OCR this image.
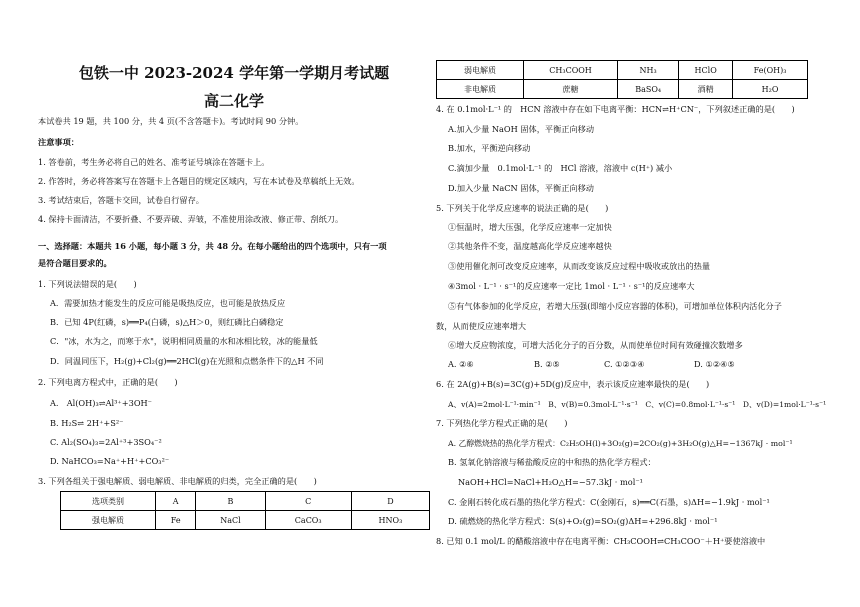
包铁一中 2023-2024 学年第一学期月考试题
高二化学
本试卷共 19 题，共 100 分，共 4 页(不含答题卡)。考试时间 90 分钟。
注意事项：
1. 答卷前，考生务必将自己的姓名、准考证号填涂在答题卡上。
2. 作答时，务必将答案写在答题卡上各题目的规定区域内，写在本试卷及草稿纸上无效。
3. 考试结束后，答题卡交回，试卷自行留存。
4. 保持卡面清洁，不要折叠、不要弄破、弄皱，不准使用涂改液、修正带、刮纸刀。
一、选择题：本题共 16 小题，每小题 3 分，共 48 分。在每小题给出的四个选项中，只有一项
是符合题目要求的。
1. 下列说法错误的是(　　)
A．需要加热才能发生的反应可能是吸热反应，也可能是放热反应
B．已知 4P(红磷，s)══P₄(白磷，s)△H＞0，则红磷比白磷稳定
C．"冰，水为之，而寒于水"，说明相同质量的水和冰相比较，冰的能量低
D．同温同压下，H₂(g)+Cl₂(g)══2HCl(g)在光照和点燃条件下的△H 不同
2. 下列电离方程式中，正确的是(　　)
A.　Al(OH)₃⇌Al³⁺+3OH⁻
B. H₂S⇌ 2H⁺+S²⁻
C. Al₂(SO₄)₃=2Al⁺³+3SO₄⁻²
D. NaHCO₃=Na⁺+H⁺+CO₃²⁻
3. 下列各组关于强电解质、弱电解质、非电解质的归类，完全正确的是(　　)
选项类别	A	B	C	D
强电解质	Fe	NaCl	CaCO₃	HNO₃
弱电解质	CH₃COOH	NH₃	HClO	Fe(OH)₃
非电解质	蔗糖	BaSO₄	酒精	H₂O
4. 在 0.1mol·L⁻¹ 的　HCN 溶液中存在如下电离平衡：HCN⇌H⁺CN⁻，下列叙述正确的是(　　)
A.加入少量 NaOH 固体，平衡正向移动
B.加水，平衡逆向移动
C.滴加少量　0.1mol·L⁻¹ 的　HCl 溶液，溶液中 c(H⁺) 减小
D.加入少量 NaCN 固体，平衡正向移动
5. 下列关于化学反应速率的说法正确的是(　　)
①恒温时，增大压强，化学反应速率一定加快
②其他条件不变，温度越高化学反应速率越快
③使用催化剂可改变反应速率，从而改变该反应过程中吸收或放出的热量
④3mol · L⁻¹ · s⁻¹的反应速率一定比 1mol · L⁻¹ · s⁻¹的反应速率大
⑤有气体参加的化学反应，若增大压强(即缩小反应容器的体积)，可增加单位体积内活化分子
数，从而使反应速率增大
⑥增大反应物浓度，可增大活化分子的百分数，从而使单位时间有效碰撞次数增多
A. ②⑥	B. ②⑤	C. ①②③④	D. ①②④⑤
6. 在 2A(g)+B(s)=3C(g)+5D(g)反应中，表示该反应速率最快的是(　　)
A、v(A)=2mol·L⁻¹·min⁻¹　B、v(B)=0.3mol·L⁻¹·s⁻¹　C、v(C)=0.8mol·L⁻¹·s⁻¹　D、v(D)=1mol·L⁻¹·s⁻¹
7. 下列热化学方程式正确的是(　　)
A. 乙醇燃烧热的热化学方程式：C₂H₅OH(l)+3O₂(g)=2CO₂(g)+3H₂O(g)△H=−1367kJ · mol⁻¹
B. 氢氧化钠溶液与稀盐酸反应的中和热的热化学方程式：
NaOH+HCl=NaCl+H₂O△H=−57.3kJ · mol⁻¹
C. 金刚石转化成石墨的热化学方程式：C(金刚石，s)══C(石墨，s)ΔH=−1.9kJ · mol⁻¹
D. 硫燃烧的热化学方程式：S(s)+O₂(g)=SO₂(g)ΔH=+296.8kJ · mol⁻¹
8. 已知 0.1 mol/L 的醋酸溶液中存在电离平衡：CH₃COOH⇌CH₃COO⁻＋H⁺要使溶液中
